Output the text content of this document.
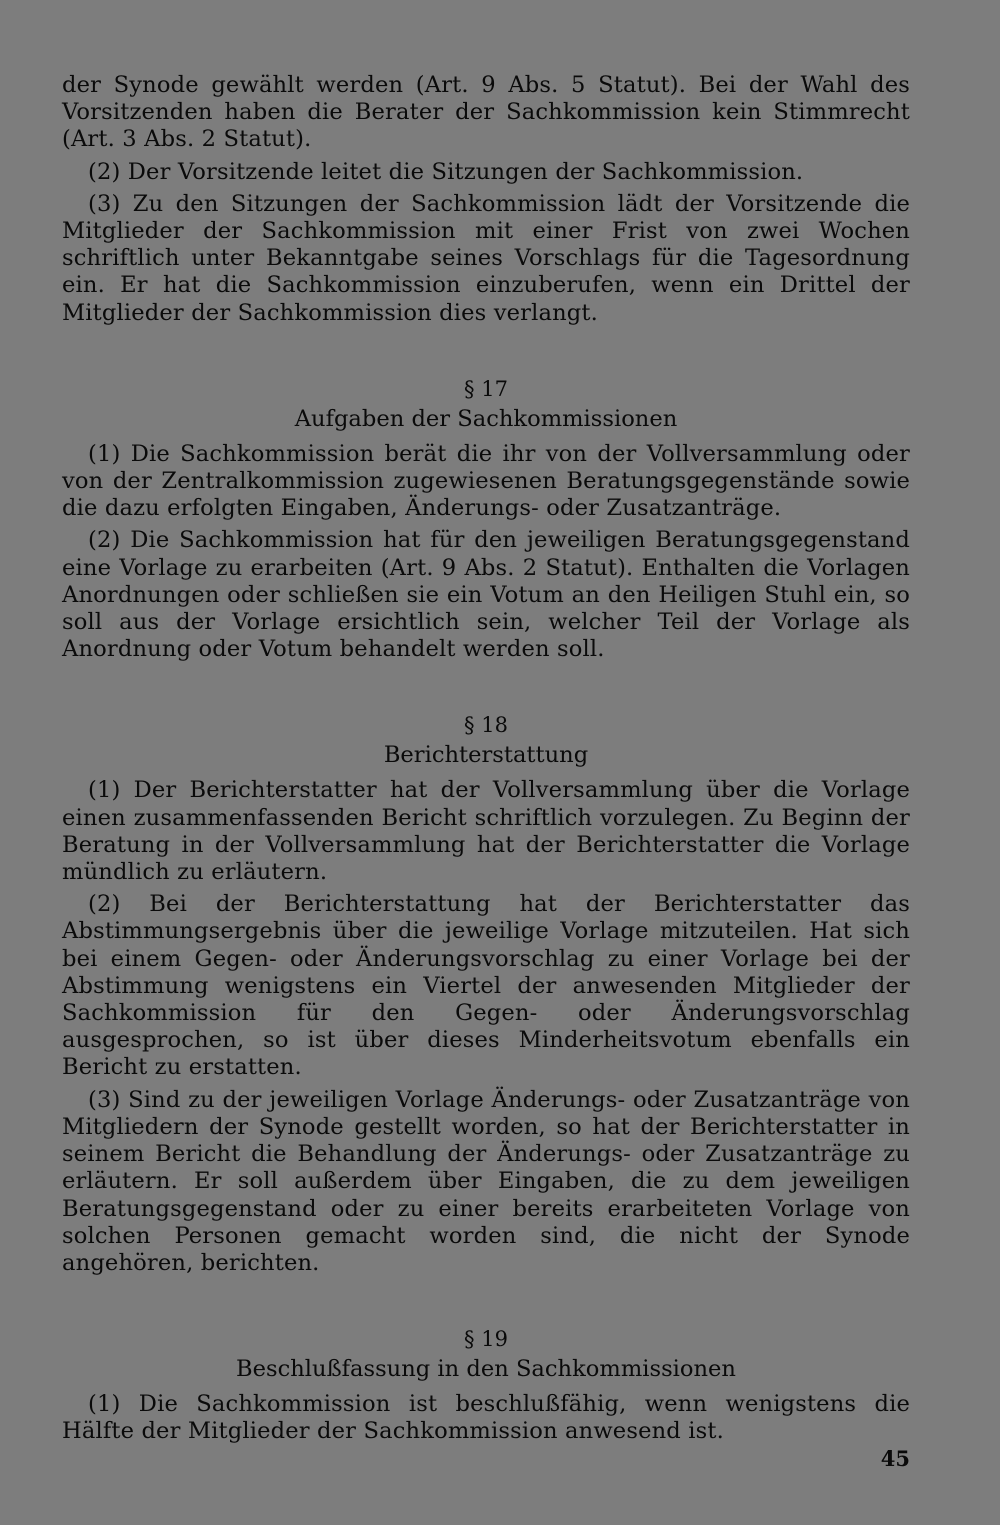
der Synode gewählt werden (Art. 9 Abs. 5 Statut). Bei der Wahl des Vorsitzenden haben die Berater der Sachkommission kein Stimmrecht (Art. 3 Abs. 2 Statut).

(2) Der Vorsitzende leitet die Sitzungen der Sachkommission.

(3) Zu den Sitzungen der Sachkommission lädt der Vorsitzende die Mitglieder der Sachkommission mit einer Frist von zwei Wochen schriftlich unter Bekanntgabe seines Vorschlags für die Tagesordnung ein. Er hat die Sachkommission einzuberufen, wenn ein Drittel der Mitglieder der Sachkommission dies verlangt.

§ 17
Aufgaben der Sachkommissionen

(1) Die Sachkommission berät die ihr von der Vollversammlung oder von der Zentralkommission zugewiesenen Beratungsgegenstände sowie die dazu erfolgten Eingaben, Änderungs- oder Zusatzanträge.

(2) Die Sachkommission hat für den jeweiligen Beratungsgegenstand eine Vorlage zu erarbeiten (Art. 9 Abs. 2 Statut). Enthalten die Vorlagen Anordnungen oder schließen sie ein Votum an den Heiligen Stuhl ein, so soll aus der Vorlage ersichtlich sein, welcher Teil der Vorlage als Anordnung oder Votum behandelt werden soll.

§ 18
Berichterstattung

(1) Der Berichterstatter hat der Vollversammlung über die Vorlage einen zusammenfassenden Bericht schriftlich vorzulegen. Zu Beginn der Beratung in der Vollversammlung hat der Berichterstatter die Vorlage mündlich zu erläutern.

(2) Bei der Berichterstattung hat der Berichterstatter das Abstimmungsergebnis über die jeweilige Vorlage mitzuteilen. Hat sich bei einem Gegen- oder Änderungsvorschlag zu einer Vorlage bei der Abstimmung wenigstens ein Viertel der anwesenden Mitglieder der Sachkommission für den Gegen- oder Änderungsvorschlag ausgesprochen, so ist über dieses Minderheitsvotum ebenfalls ein Bericht zu erstatten.

(3) Sind zu der jeweiligen Vorlage Änderungs- oder Zusatzanträge von Mitgliedern der Synode gestellt worden, so hat der Berichterstatter in seinem Bericht die Behandlung der Änderungs- oder Zusatzanträge zu erläutern. Er soll außerdem über Eingaben, die zu dem jeweiligen Beratungsgegenstand oder zu einer bereits erarbeiteten Vorlage von solchen Personen gemacht worden sind, die nicht der Synode angehören, berichten.

§ 19
Beschlußfassung in den Sachkommissionen

(1) Die Sachkommission ist beschlußfähig, wenn wenigstens die Hälfte der Mitglieder der Sachkommission anwesend ist.

45
